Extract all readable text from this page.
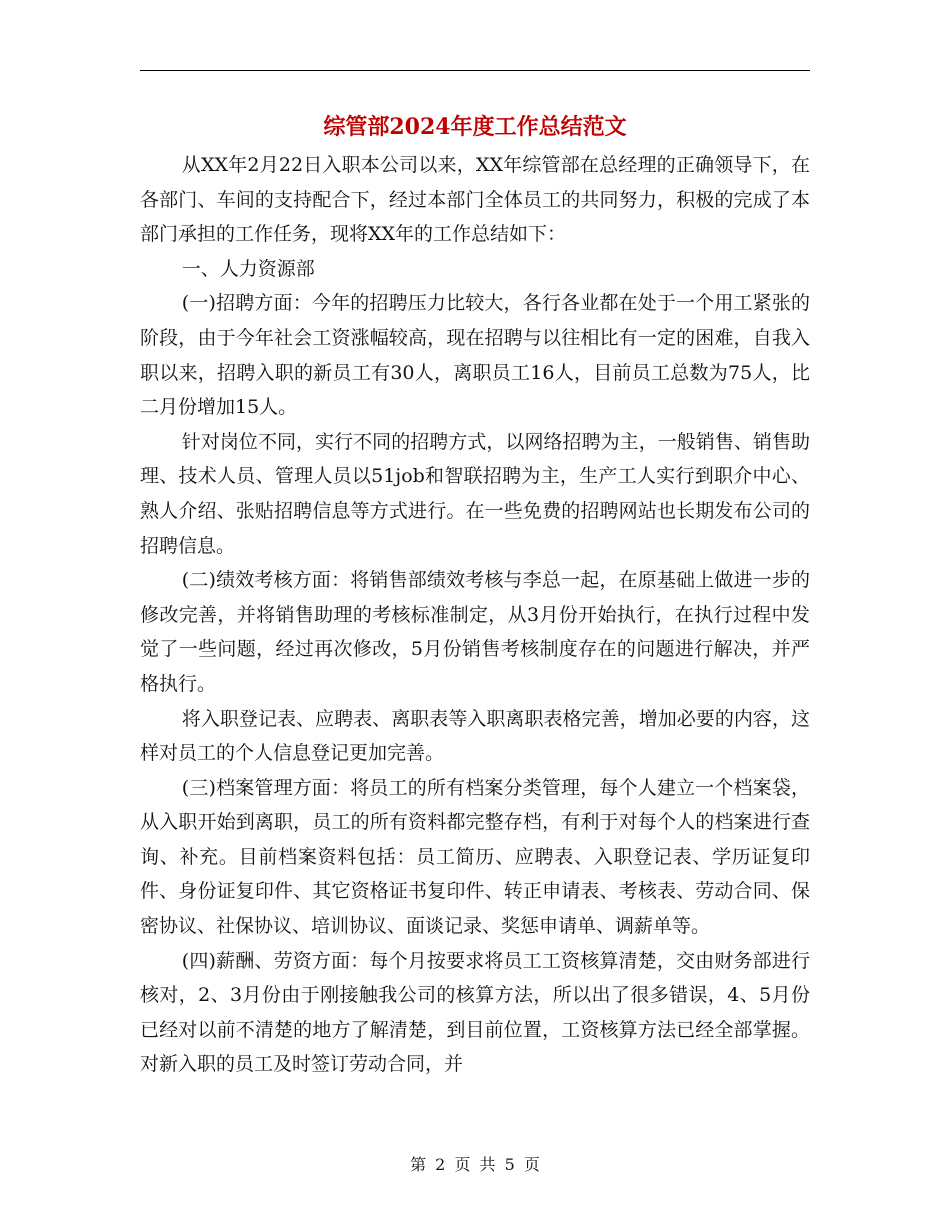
综管部2024年度工作总结范文

从XX年2月22日入职本公司以来，XX年综管部在总经理的正确领导下，在各部门、车间的支持配合下，经过本部门全体员工的共同努力，积极的完成了本部门承担的工作任务，现将XX年的工作总结如下：

一、人力资源部

(一)招聘方面：今年的招聘压力比较大，各行各业都在处于一个用工紧张的阶段，由于今年社会工资涨幅较高，现在招聘与以往相比有一定的困难，自我入职以来，招聘入职的新员工有30人，离职员工16人，目前员工总数为75人，比二月份增加15人。

针对岗位不同，实行不同的招聘方式，以网络招聘为主，一般销售、销售助理、技术人员、管理人员以51job和智联招聘为主，生产工人实行到职介中心、熟人介绍、张贴招聘信息等方式进行。在一些免费的招聘网站也长期发布公司的招聘信息。

(二)绩效考核方面：将销售部绩效考核与李总一起，在原基础上做进一步的修改完善，并将销售助理的考核标准制定，从3月份开始执行，在执行过程中发觉了一些问题，经过再次修改，5月份销售考核制度存在的问题进行解决，并严格执行。

将入职登记表、应聘表、离职表等入职离职表格完善，增加必要的内容，这样对员工的个人信息登记更加完善。

(三)档案管理方面：将员工的所有档案分类管理，每个人建立一个档案袋，从入职开始到离职，员工的所有资料都完整存档，有利于对每个人的档案进行查询、补充。目前档案资料包括：员工简历、应聘表、入职登记表、学历证复印件、身份证复印件、其它资格证书复印件、转正申请表、考核表、劳动合同、保密协议、社保协议、培训协议、面谈记录、奖惩申请单、调薪单等。

(四)薪酬、劳资方面：每个月按要求将员工工资核算清楚，交由财务部进行核对，2、3月份由于刚接触我公司的核算方法，所以出了很多错误，4、5月份已经对以前不清楚的地方了解清楚，到目前位置，工资核算方法已经全部掌握。对新入职的员工及时签订劳动合同，并

第 2 页 共 5 页
